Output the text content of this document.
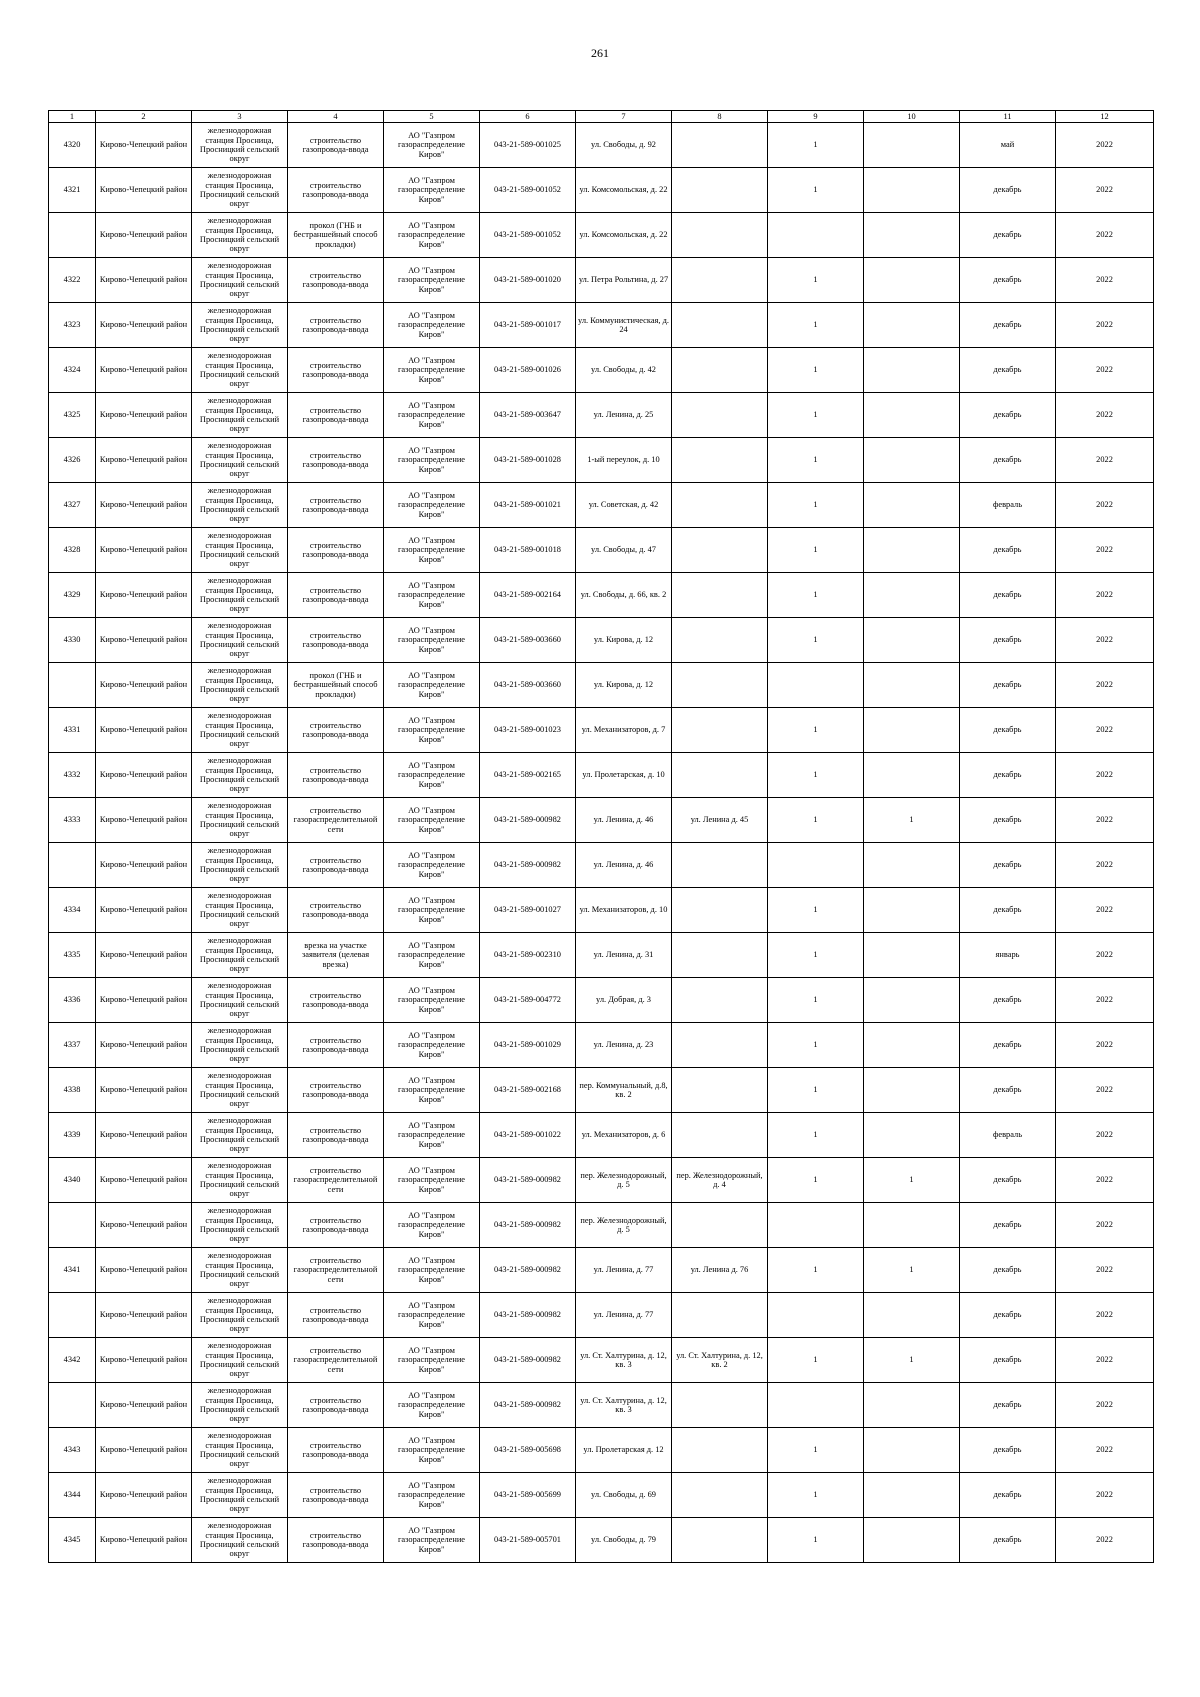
261
1	2	3	4	5	6	7	8	9	10	11	12
4320	Кирово-Чепецкий район	железнодорожная станция Просница, Просницкий сельский округ	строительство газопровода-ввода	АО "Газпром газораспределение Киров"	043-21-589-001025	ул. Свободы, д. 92		1		май	2022
4321	Кирово-Чепецкий район	железнодорожная станция Просница, Просницкий сельский округ	строительство газопровода-ввода	АО "Газпром газораспределение Киров"	043-21-589-001052	ул. Комсомольская, д. 22		1		декабрь	2022
	Кирово-Чепецкий район	железнодорожная станция Просница, Просницкий сельский округ	прокол (ГНБ и бестраншейный способ прокладки)	АО "Газпром газораспределение Киров"	043-21-589-001052	ул. Комсомольская, д. 22				декабрь	2022
4322	Кирово-Чепецкий район	железнодорожная станция Просница, Просницкий сельский округ	строительство газопровода-ввода	АО "Газпром газораспределение Киров"	043-21-589-001020	ул. Петра Рольтина, д. 27		1		декабрь	2022
4323	Кирово-Чепецкий район	железнодорожная станция Просница, Просницкий сельский округ	строительство газопровода-ввода	АО "Газпром газораспределение Киров"	043-21-589-001017	ул. Коммунистическая, д. 24		1		декабрь	2022
4324	Кирово-Чепецкий район	железнодорожная станция Просница, Просницкий сельский округ	строительство газопровода-ввода	АО "Газпром газораспределение Киров"	043-21-589-001026	ул. Свободы, д. 42		1		декабрь	2022
4325	Кирово-Чепецкий район	железнодорожная станция Просница, Просницкий сельский округ	строительство газопровода-ввода	АО "Газпром газораспределение Киров"	043-21-589-003647	ул. Ленина, д. 25		1		декабрь	2022
4326	Кирово-Чепецкий район	железнодорожная станция Просница, Просницкий сельский округ	строительство газопровода-ввода	АО "Газпром газораспределение Киров"	043-21-589-001028	1-ый переулок, д. 10		1		декабрь	2022
4327	Кирово-Чепецкий район	железнодорожная станция Просница, Просницкий сельский округ	строительство газопровода-ввода	АО "Газпром газораспределение Киров"	043-21-589-001021	ул. Советская, д. 42		1		февраль	2022
4328	Кирово-Чепецкий район	железнодорожная станция Просница, Просницкий сельский округ	строительство газопровода-ввода	АО "Газпром газораспределение Киров"	043-21-589-001018	ул. Свободы, д. 47		1		декабрь	2022
4329	Кирово-Чепецкий район	железнодорожная станция Просница, Просницкий сельский округ	строительство газопровода-ввода	АО "Газпром газораспределение Киров"	043-21-589-002164	ул. Свободы, д. 66, кв. 2		1		декабрь	2022
4330	Кирово-Чепецкий район	железнодорожная станция Просница, Просницкий сельский округ	строительство газопровода-ввода	АО "Газпром газораспределение Киров"	043-21-589-003660	ул. Кирова, д. 12		1		декабрь	2022
	Кирово-Чепецкий район	железнодорожная станция Просница, Просницкий сельский округ	прокол (ГНБ и бестраншейный способ прокладки)	АО "Газпром газораспределение Киров"	043-21-589-003660	ул. Кирова, д. 12				декабрь	2022
4331	Кирово-Чепецкий район	железнодорожная станция Просница, Просницкий сельский округ	строительство газопровода-ввода	АО "Газпром газораспределение Киров"	043-21-589-001023	ул. Механизаторов, д. 7		1		декабрь	2022
4332	Кирово-Чепецкий район	железнодорожная станция Просница, Просницкий сельский округ	строительство газопровода-ввода	АО "Газпром газораспределение Киров"	043-21-589-002165	ул. Пролетарская, д. 10		1		декабрь	2022
4333	Кирово-Чепецкий район	железнодорожная станция Просница, Просницкий сельский округ	строительство газораспределительной сети	АО "Газпром газораспределение Киров"	043-21-589-000982	ул. Ленина, д. 46	ул. Ленина д. 45	1	1	декабрь	2022
	Кирово-Чепецкий район	железнодорожная станция Просница, Просницкий сельский округ	строительство газопровода-ввода	АО "Газпром газораспределение Киров"	043-21-589-000982	ул. Ленина, д. 46				декабрь	2022
4334	Кирово-Чепецкий район	железнодорожная станция Просница, Просницкий сельский округ	строительство газопровода-ввода	АО "Газпром газораспределение Киров"	043-21-589-001027	ул. Механизаторов, д. 10		1		декабрь	2022
4335	Кирово-Чепецкий район	железнодорожная станция Просница, Просницкий сельский округ	врезка на участке заявителя (целевая врезка)	АО "Газпром газораспределение Киров"	043-21-589-002310	ул. Ленина, д. 31		1		январь	2022
4336	Кирово-Чепецкий район	железнодорожная станция Просница, Просницкий сельский округ	строительство газопровода-ввода	АО "Газпром газораспределение Киров"	043-21-589-004772	ул. Добрая, д. 3		1		декабрь	2022
4337	Кирово-Чепецкий район	железнодорожная станция Просница, Просницкий сельский округ	строительство газопровода-ввода	АО "Газпром газораспределение Киров"	043-21-589-001029	ул. Ленина, д. 23		1		декабрь	2022
4338	Кирово-Чепецкий район	железнодорожная станция Просница, Просницкий сельский округ	строительство газопровода-ввода	АО "Газпром газораспределение Киров"	043-21-589-002168	пер. Коммунальный, д.8, кв. 2		1		декабрь	2022
4339	Кирово-Чепецкий район	железнодорожная станция Просница, Просницкий сельский округ	строительство газопровода-ввода	АО "Газпром газораспределение Киров"	043-21-589-001022	ул. Механизаторов, д. 6		1		февраль	2022
4340	Кирово-Чепецкий район	железнодорожная станция Просница, Просницкий сельский округ	строительство газораспределительной сети	АО "Газпром газораспределение Киров"	043-21-589-000982	пер. Железнодорожный, д. 5	пер. Железнодорожный, д. 4	1	1	декабрь	2022
	Кирово-Чепецкий район	железнодорожная станция Просница, Просницкий сельский округ	строительство газопровода-ввода	АО "Газпром газораспределение Киров"	043-21-589-000982	пер. Железнодорожный, д. 5				декабрь	2022
4341	Кирово-Чепецкий район	железнодорожная станция Просница, Просницкий сельский округ	строительство газораспределительной сети	АО "Газпром газораспределение Киров"	043-21-589-000982	ул. Ленина, д. 77	ул. Ленина д. 76	1	1	декабрь	2022
	Кирово-Чепецкий район	железнодорожная станция Просница, Просницкий сельский округ	строительство газопровода-ввода	АО "Газпром газораспределение Киров"	043-21-589-000982	ул. Ленина, д. 77				декабрь	2022
4342	Кирово-Чепецкий район	железнодорожная станция Просница, Просницкий сельский округ	строительство газораспределительной сети	АО "Газпром газораспределение Киров"	043-21-589-000982	ул. Ст. Халтурина, д. 12, кв. 3	ул. Ст. Халтурина, д. 12, кв. 2	1	1	декабрь	2022
	Кирово-Чепецкий район	железнодорожная станция Просница, Просницкий сельский округ	строительство газопровода-ввода	АО "Газпром газораспределение Киров"	043-21-589-000982	ул. Ст. Халтурина, д. 12, кв. 3				декабрь	2022
4343	Кирово-Чепецкий район	железнодорожная станция Просница, Просницкий сельский округ	строительство газопровода-ввода	АО "Газпром газораспределение Киров"	043-21-589-005698	ул. Пролетарская д. 12		1		декабрь	2022
4344	Кирово-Чепецкий район	железнодорожная станция Просница, Просницкий сельский округ	строительство газопровода-ввода	АО "Газпром газораспределение Киров"	043-21-589-005699	ул. Свободы, д. 69		1		декабрь	2022
4345	Кирово-Чепецкий район	железнодорожная станция Просница, Просницкий сельский округ	строительство газопровода-ввода	АО "Газпром газораспределение Киров"	043-21-589-005701	ул. Свободы, д. 79		1		декабрь	2022
